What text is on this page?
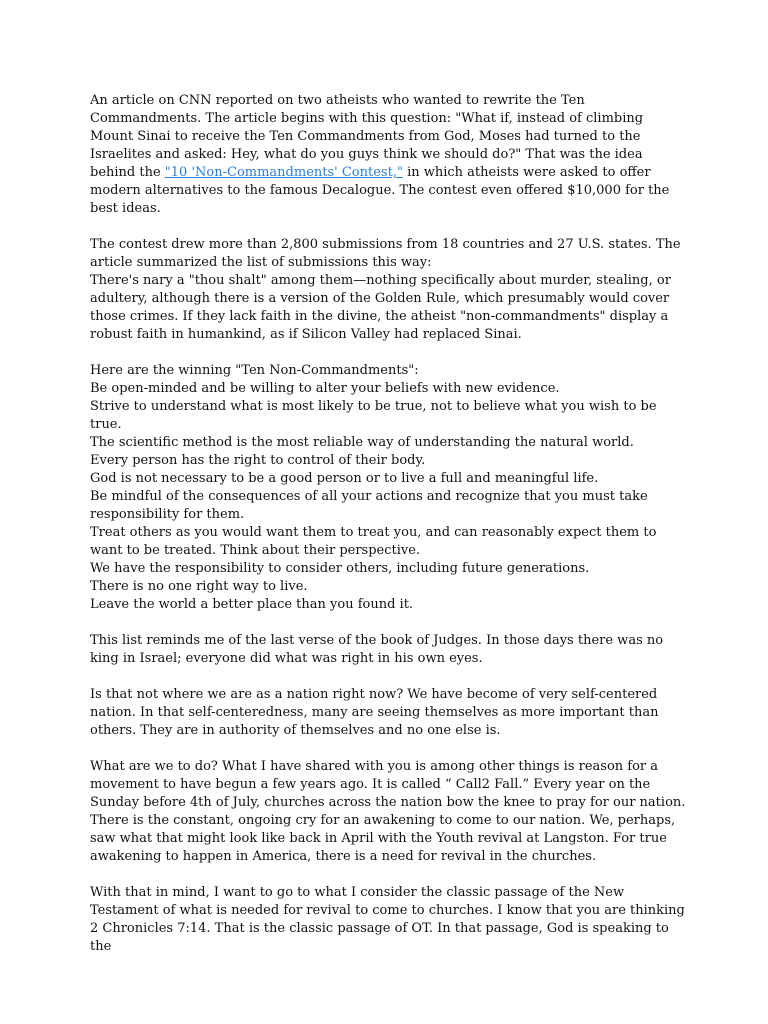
An article on CNN reported on two atheists who wanted to rewrite the Ten Commandments. The article begins with this question: "What if, instead of climbing Mount Sinai to receive the Ten Commandments from God, Moses had turned to the Israelites and asked: Hey, what do you guys think we should do?" That was the idea behind the "10 'Non-Commandments' Contest," in which atheists were asked to offer modern alternatives to the famous Decalogue. The contest even offered $10,000 for the best ideas.

The contest drew more than 2,800 submissions from 18 countries and 27 U.S. states. The article summarized the list of submissions this way:
There's nary a "thou shalt" among them—nothing specifically about murder, stealing, or adultery, although there is a version of the Golden Rule, which presumably would cover those crimes. If they lack faith in the divine, the atheist "non-commandments" display a robust faith in humankind, as if Silicon Valley had replaced Sinai.

Here are the winning "Ten Non-Commandments":
Be open-minded and be willing to alter your beliefs with new evidence.
Strive to understand what is most likely to be true, not to believe what you wish to be true.
The scientific method is the most reliable way of understanding the natural world.
Every person has the right to control of their body.
God is not necessary to be a good person or to live a full and meaningful life.
Be mindful of the consequences of all your actions and recognize that you must take responsibility for them.
Treat others as you would want them to treat you, and can reasonably expect them to want to be treated. Think about their perspective.
We have the responsibility to consider others, including future generations.
There is no one right way to live.
Leave the world a better place than you found it.

This list reminds me of the last verse of the book of Judges. In those days there was no king in Israel; everyone did what was right in his own eyes.

Is that not where we are as a nation right now? We have become of very self-centered nation. In that self-centeredness, many are seeing themselves as more important than others. They are in authority of themselves and no one else is.

What are we to do? What I have shared with you is among other things is reason for a movement to have begun a few years ago. It is called “ Call2 Fall.” Every year on the Sunday before 4th of July, churches across the nation bow the knee to pray for our nation. There is the constant, ongoing cry for an awakening to come to our nation. We, perhaps, saw what that might look like back in April with the Youth revival at Langston. For true awakening to happen in America, there is a need for revival in the churches.

With that in mind, I want to go to what I consider the classic passage of the New Testament of what is needed for revival to come to churches. I know that you are thinking 2 Chronicles 7:14. That is the classic passage of OT. In that passage, God is speaking to the
